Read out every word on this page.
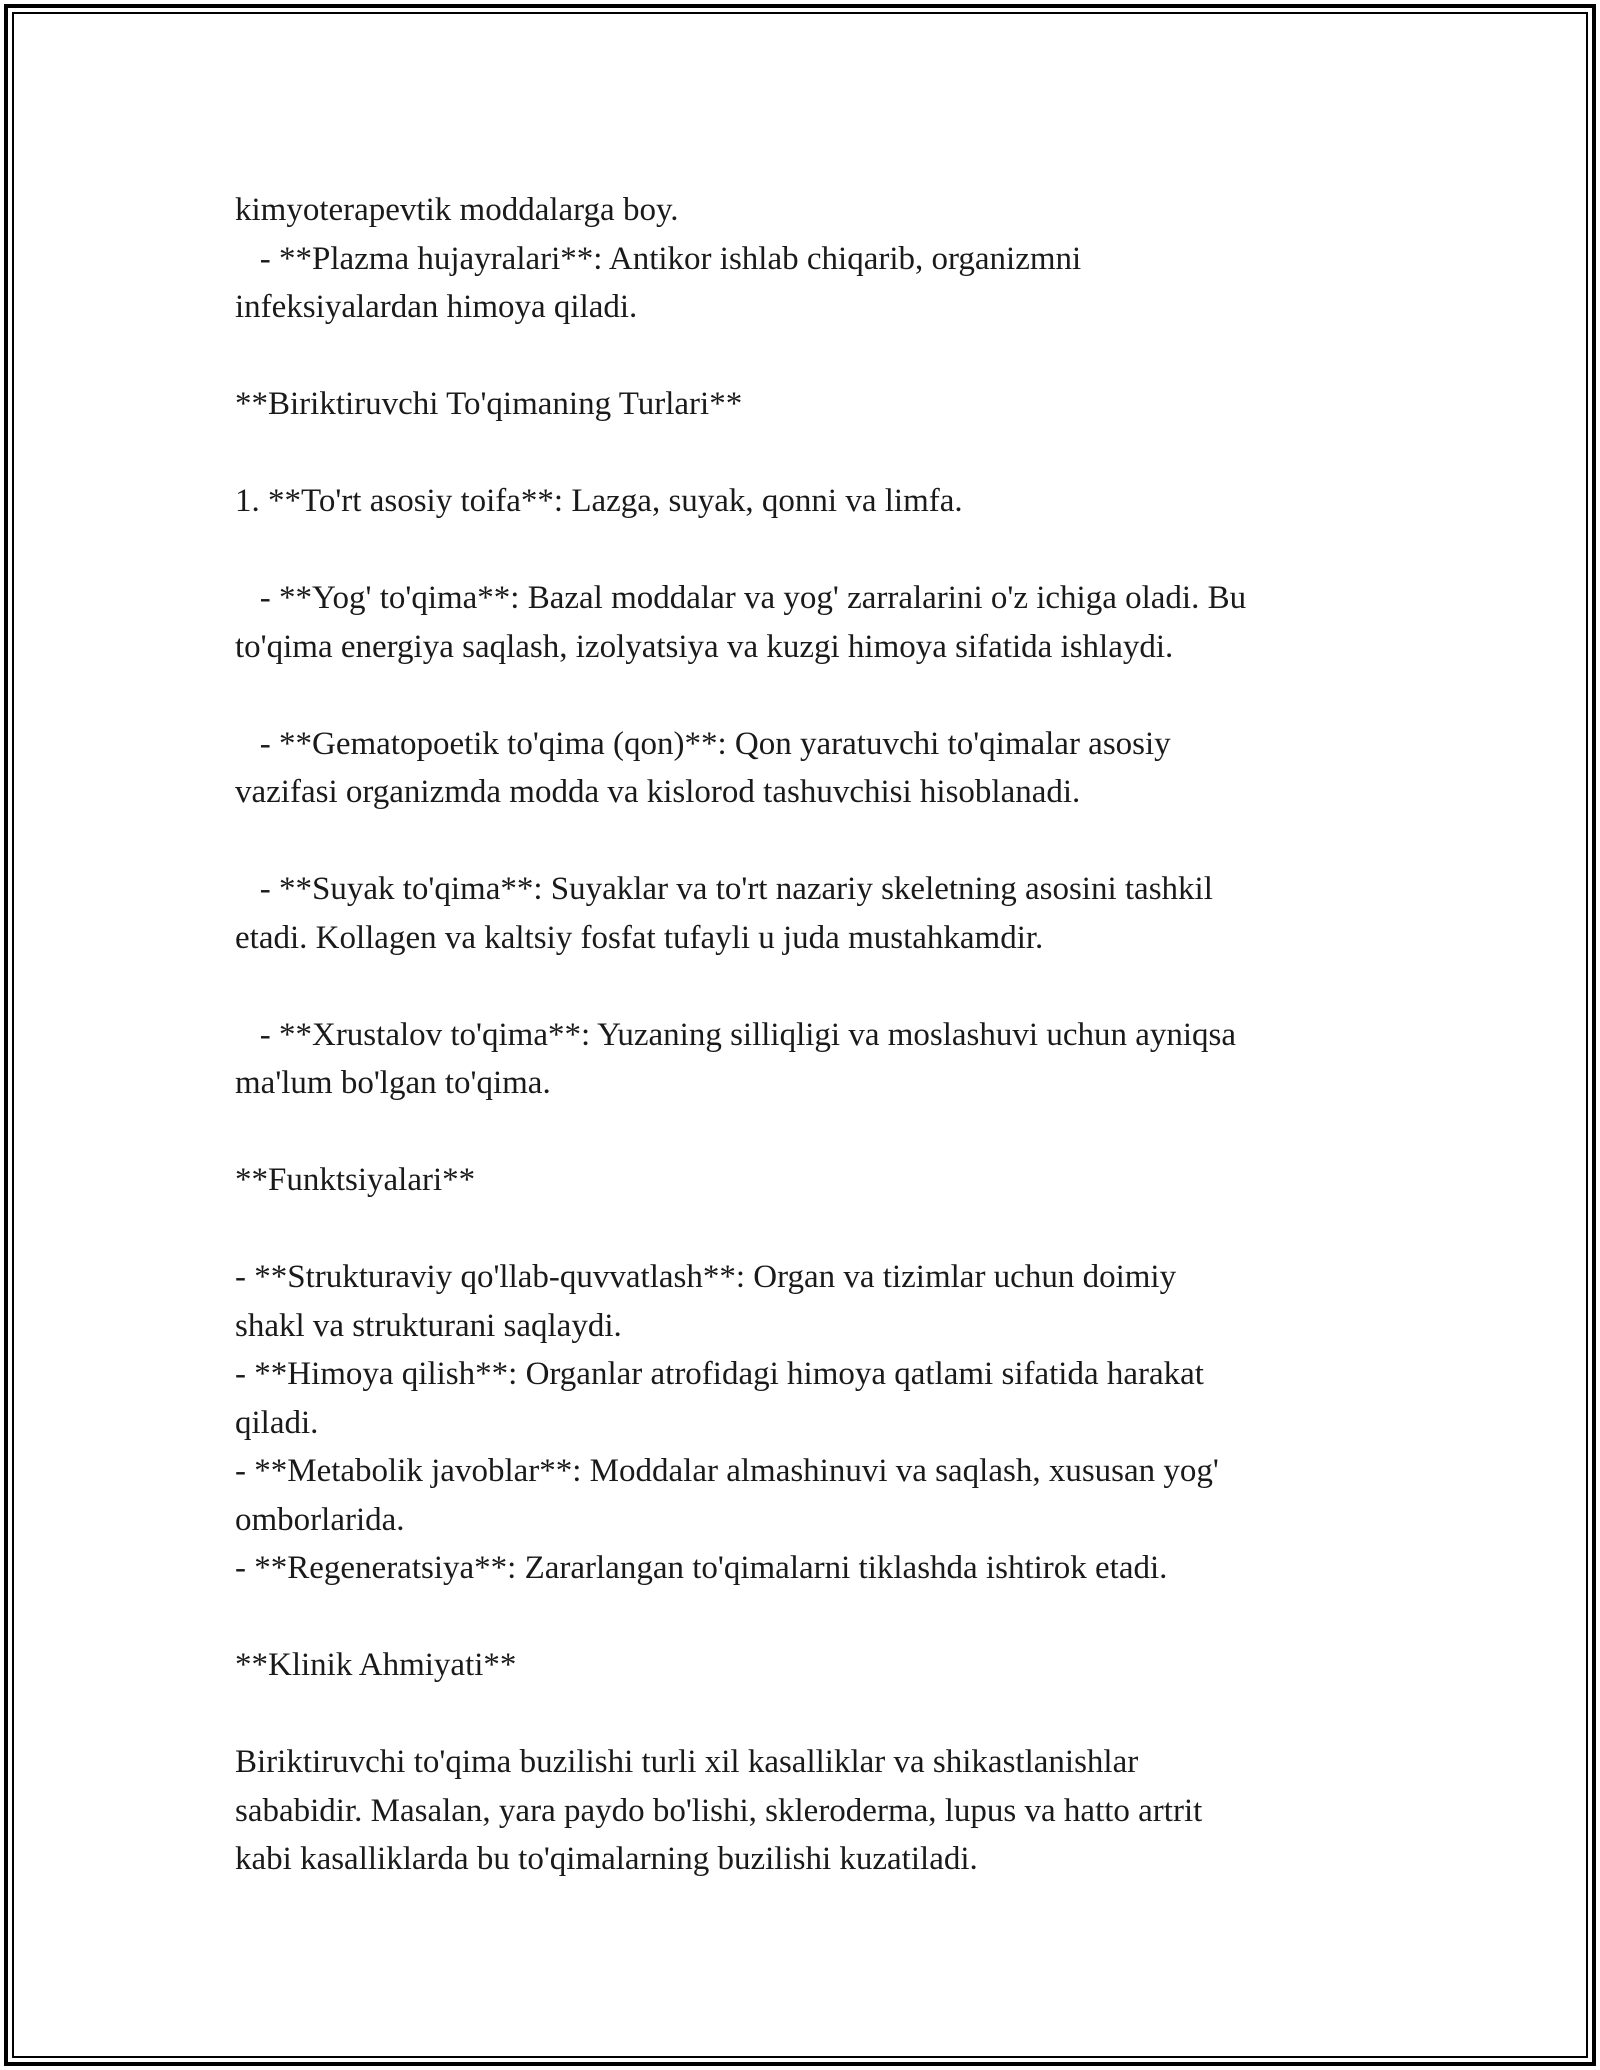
kimyoterapevtik moddalarga boy.
- **Plazma hujayralari**: Antikor ishlab chiqarib, organizmni
infeksiyalardan himoya qiladi.
**Biriktiruvchi To'qimaning Turlari**
1. **To'rt asosiy toifa**: Lazga, suyak, qonni va limfa.
- **Yog' to'qima**: Bazal moddalar va yog' zarralarini o'z ichiga oladi. Bu
to'qima energiya saqlash, izolyatsiya va kuzgi himoya sifatida ishlaydi.
- **Gematopoetik to'qima (qon)**: Qon yaratuvchi to'qimalar asosiy
vazifasi organizmda modda va kislorod tashuvchisi hisoblanadi.
- **Suyak to'qima**: Suyaklar va to'rt nazariy skeletning asosini tashkil
etadi. Kollagen va kaltsiy fosfat tufayli u juda mustahkamdir.
- **Xrustalov to'qima**: Yuzaning silliqligi va moslashuvi uchun ayniqsa
ma'lum bo'lgan to'qima.
**Funktsiyalari**
- **Strukturaviy qo'llab-quvvatlash**: Organ va tizimlar uchun doimiy
shakl va strukturani saqlaydi.
- **Himoya qilish**: Organlar atrofidagi himoya qatlami sifatida harakat
qiladi.
- **Metabolik javoblar**: Moddalar almashinuvi va saqlash, xususan yog'
omborlarida.
- **Regeneratsiya**: Zararlangan to'qimalarni tiklashda ishtirok etadi.
**Klinik Ahmiyati**
Biriktiruvchi to'qima buzilishi turli xil kasalliklar va shikastlanishlar
sababidir. Masalan, yara paydo bo'lishi, skleroderma, lupus va hatto artrit
kabi kasalliklarda bu to'qimalarning buzilishi kuzatiladi.
